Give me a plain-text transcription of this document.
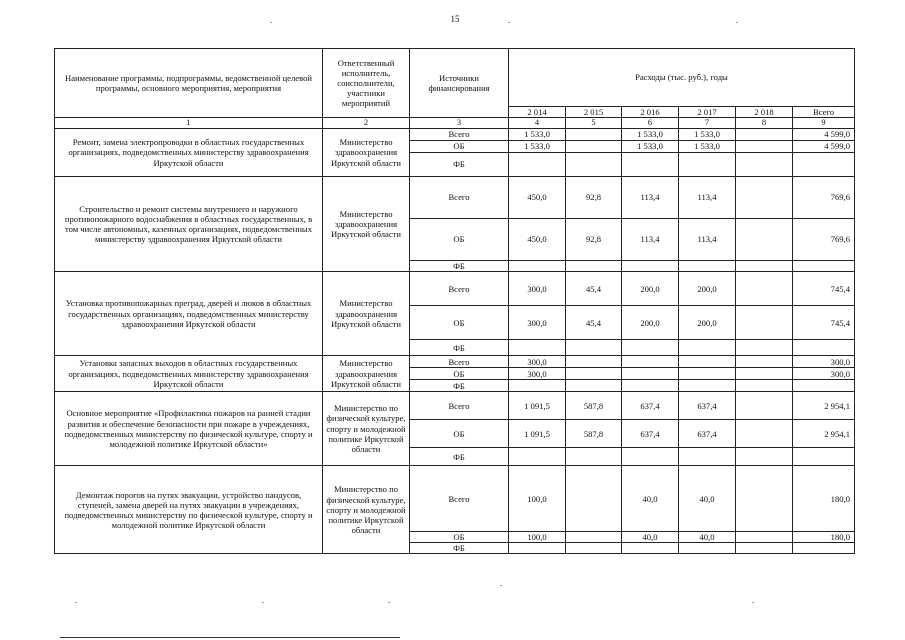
15
Наименование программы, подпрограммы, ведомственной целевой программы, основного мероприятия, мероприятия	Ответственный исполнитель, соисполнители, участники мероприятий	Источники финансирования	Расходы (тыс. руб.), годы					
			2 014	2 015	2 016	2 017	2 018	Всего
1	2	3	4	5	6	7	8	9
Ремонт, замена электропроводки в областных государственных организациях, подведомственных министерству здравоохранения Иркутской области	Министерство здравоохранения Иркутской области	Всего	1 533,0		1 533,0	1 533,0		4 599,0
		ОБ	1 533,0		1 533,0	1 533,0		4 599,0
		ФБ						
Строительство и ремонт системы внутреннего и наружного противопожарного водоснабжения в областных государственных, в том числе автономных, казенных организациях, подведомственных министерству здравоохранения Иркутской области	Министерство здравоохранения Иркутской области	Всего	450,0	92,8	113,4	113,4		769,6
		ОБ	450,0	92,8	113,4	113,4		769,6
		ФБ						
Установка противопожарных преград, дверей и люков в областных государственных организациях, подведомственных министерству здравоохранения Иркутской области	Министерство здравоохранения Иркутской области	Всего	300,0	45,4	200,0	200,0		745,4
		ОБ	300,0	45,4	200,0	200,0		745,4
		ФБ						
Установка запасных выходов в областных государственных организациях, подведомственных министерству здравоохранения Иркутской области	Министерство здравоохранения Иркутской области	Всего	300,0					300,0
		ОБ	300,0					300,0
		ФБ						
Основное мероприятие «Профилактика пожаров на ранней стадии развития и обеспечение безопасности при пожаре в учреждениях, подведомственных министерству по физической культуре, спорту и молодежной политике Иркутской области»	Министерство по физической культуре, спорту и молодежной политике Иркутской области	Всего	1 091,5	587,8	637,4	637,4		2 954,1
		ОБ	1 091,5	587,8	637,4	637,4		2 954,1
		ФБ						
Демонтаж порогов на путях эвакуации, устройство пандусов, ступеней, замена дверей на путях эвакуации в учреждениях, подведомственных министерству по физической культуре, спорту и молодежной политике Иркутской области	Министерство по физической культуре, спорту и молодежной политике Иркутской области	Всего	100,0		40,0	40,0		180,0
		ОБ	100,0		40,0	40,0		180,0
		ФБ						
